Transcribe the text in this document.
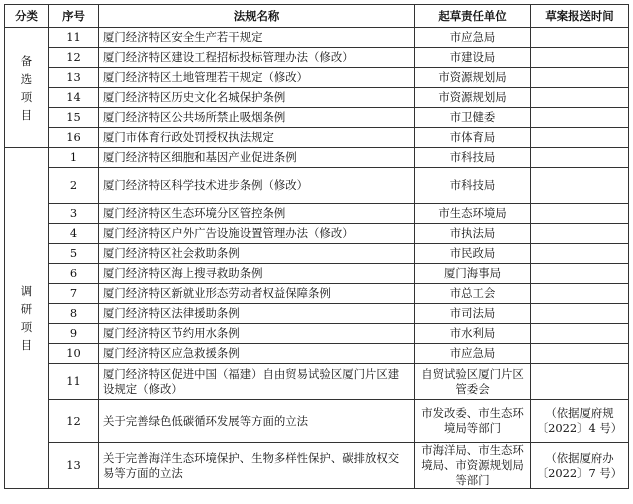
分类	序号	法规名称	起草责任单位	草案报送时间
备选项目	11	厦门经济特区安全生产若干规定	市应急局	
	12	厦门经济特区建设工程招标投标管理办法（修改）	市建设局	
	13	厦门经济特区土地管理若干规定（修改）	市资源规划局	
	14	厦门经济特区历史文化名城保护条例	市资源规划局	
	15	厦门经济特区公共场所禁止吸烟条例	市卫健委	
	16	厦门市体育行政处罚授权执法规定	市体育局	
调研项目	1	厦门经济特区细胞和基因产业促进条例	市科技局	
	2	厦门经济特区科学技术进步条例（修改）	市科技局	
	3	厦门经济特区生态环境分区管控条例	市生态环境局	
	4	厦门经济特区户外广告设施设置管理办法（修改）	市执法局	
	5	厦门经济特区社会救助条例	市民政局	
	6	厦门经济特区海上搜寻救助条例	厦门海事局	
	7	厦门经济特区新就业形态劳动者权益保障条例	市总工会	
	8	厦门经济特区法律援助条例	市司法局	
	9	厦门经济特区节约用水条例	市水利局	
	10	厦门经济特区应急救援条例	市应急局	
	11	厦门经济特区促进中国（福建）自由贸易试验区厦门片区建设规定（修改）	自贸试验区厦门片区管委会	
	12	关于完善绿色低碳循环发展等方面的立法	市发改委、市生态环境局等部门	（依据厦府规〔2022〕4 号）
	13	关于完善海洋生态环境保护、生物多样性保护、碳排放权交易等方面的立法	市海洋局、市生态环境局、市资源规划局等部门	（依据厦府办〔2022〕7 号）
